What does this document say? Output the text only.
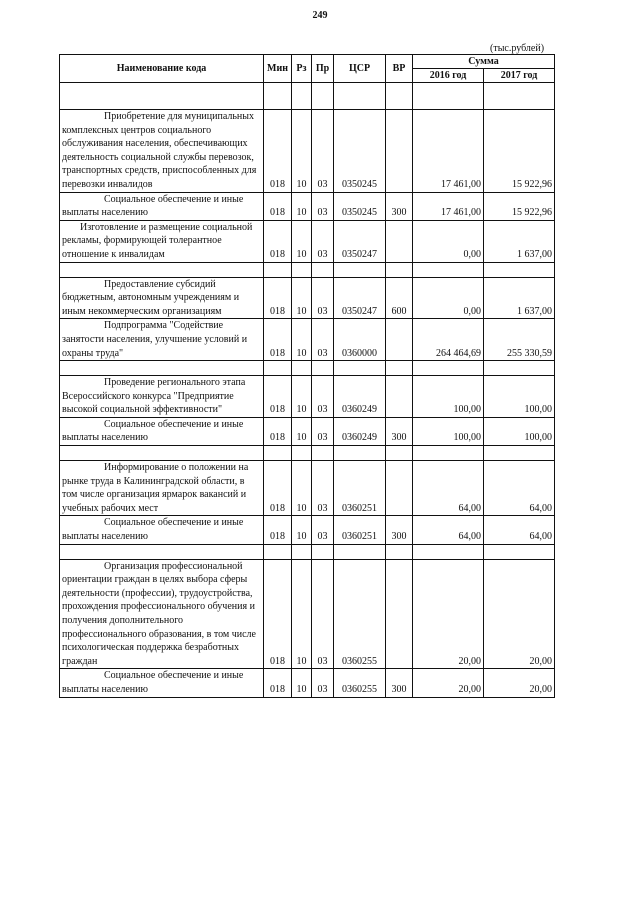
249
(тыс.рублей)
Наименование кода	Мин	Рз	Пр	ЦСР	ВР	Сумма	
						2016 год	2017 год

Приобретение для муниципальных комплексных центров социального обслуживания населения, обеспечивающих деятельность социальной службы перевозок, транспортных средств, приспособленных для перевозки инвалидов	018	10	03	0350245		17 461,00	15 922,96
Социальное обеспечение и иные выплаты населению	018	10	03	0350245	300	17 461,00	15 922,96
Изготовление и размещение социальной рекламы, формирующей толерантное отношение к инвалидам	018	10	03	0350247		0,00	1 637,00

Предоставление субсидий бюджетным, автономным учреждениям и иным некоммерческим организациям	018	10	03	0350247	600	0,00	1 637,00
Подпрограмма "Содействие занятости населения, улучшение условий и охраны труда"	018	10	03	0360000		264 464,69	255 330,59

Проведение регионального этапа Всероссийского конкурса "Предприятие высокой социальной эффективности"	018	10	03	0360249		100,00	100,00
Социальное обеспечение и иные выплаты населению	018	10	03	0360249	300	100,00	100,00

Информирование о положении на рынке труда в Калининградской области, в том числе организация ярмарок вакансий и учебных рабочих мест	018	10	03	0360251		64,00	64,00
Социальное обеспечение и иные выплаты населению	018	10	03	0360251	300	64,00	64,00

Организация профессиональной ориентации граждан в целях выбора сферы деятельности (профессии), трудоустройства, прохождения профессионального обучения и получения дополнительного профессионального образования, в том числе психологическая поддержка безработных граждан	018	10	03	0360255		20,00	20,00
Социальное обеспечение и иные выплаты населению	018	10	03	0360255	300	20,00	20,00
